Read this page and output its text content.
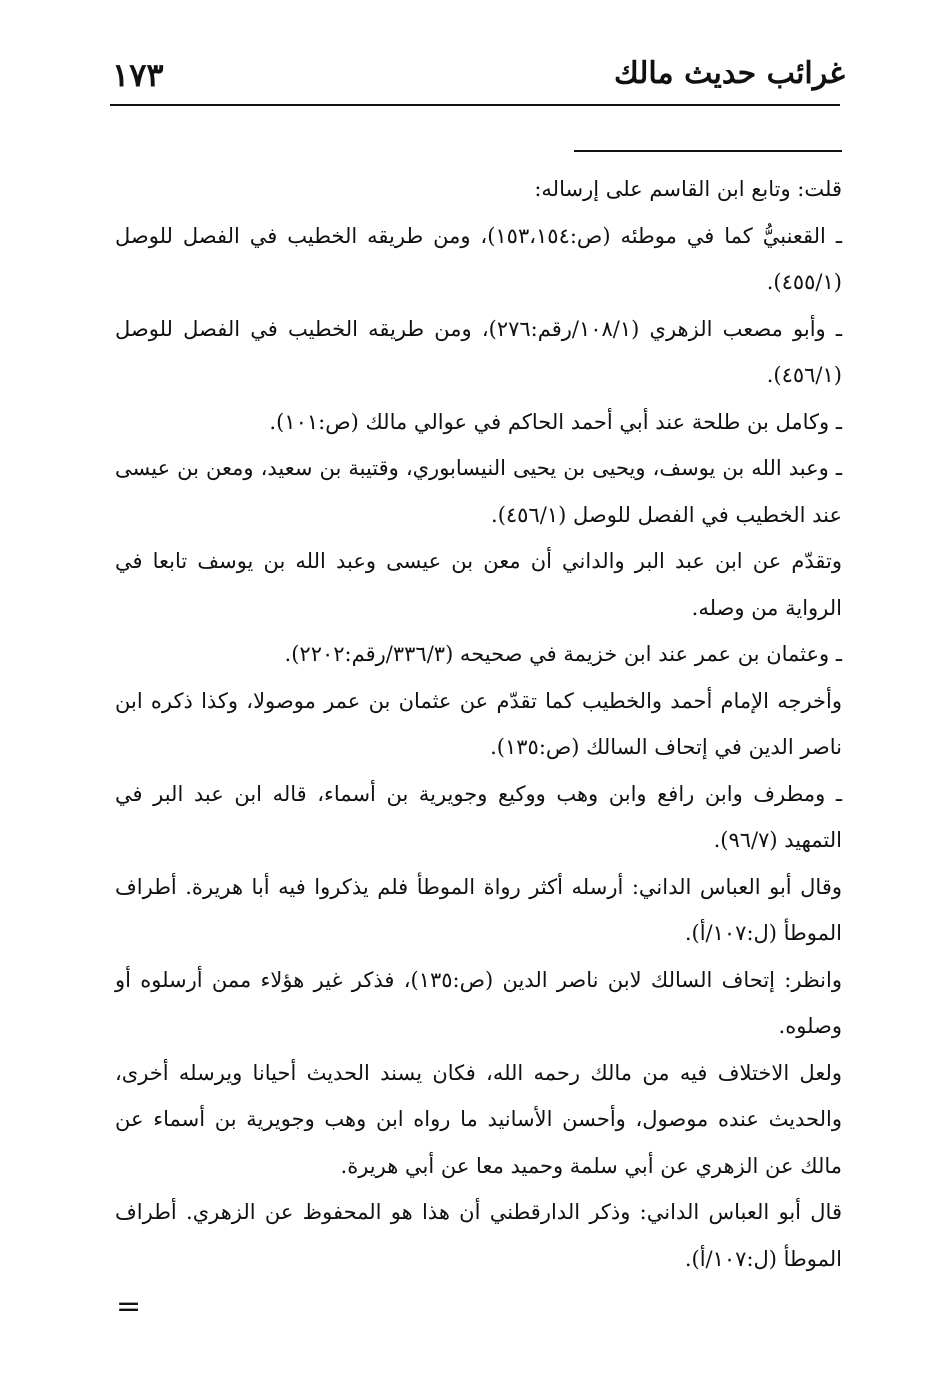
غرائب حديث مالك
١٧٣

قلت: وتابع ابن القاسم على إرساله:

ـ القعنبيُّ كما في موطئه (ص:١٥٣،١٥٤)، ومن طريقه الخطيب في الفصل للوصل (٤٥٥/١).

ـ وأبو مصعب الزهري (١٠٨/١/رقم:٢٧٦)، ومن طريقه الخطيب في الفصل للوصل (٤٥٦/١).

ـ وكامل بن طلحة عند أبي أحمد الحاكم في عوالي مالك (ص:١٠١).

ـ وعبد الله بن يوسف، ويحيى بن يحيى النيسابوري، وقتيبة بن سعيد، ومعن بن عيسى عند الخطيب في الفصل للوصل (٤٥٦/١).

وتقدّم عن ابن عبد البر والداني أن معن بن عيسى وعبد الله بن يوسف تابعا في الرواية من وصله.

ـ وعثمان بن عمر عند ابن خزيمة في صحيحه (٣٣٦/٣/رقم:٢٢٠٢).

وأخرجه الإمام أحمد والخطيب كما تقدّم عن عثمان بن عمر موصولا، وكذا ذكره ابن ناصر الدين في إتحاف السالك (ص:١٣٥).

ـ ومطرف وابن رافع وابن وهب ووكيع وجويرية بن أسماء، قاله ابن عبد البر في التمهيد (٩٦/٧).

وقال أبو العباس الداني: أرسله أكثر رواة الموطأ فلم يذكروا فيه أبا هريرة. أطراف الموطأ (ل:١٠٧/أ).

وانظر: إتحاف السالك لابن ناصر الدين (ص:١٣٥)، فذكر غير هؤلاء ممن أرسلوه أو وصلوه.

ولعل الاختلاف فيه من مالك رحمه الله، فكان يسند الحديث أحيانا ويرسله أخرى، والحديث عنده موصول، وأحسن الأسانيد ما رواه ابن وهب وجويرية بن أسماء عن مالك عن الزهري عن أبي سلمة وحميد معا عن أبي هريرة.

قال أبو العباس الداني: وذكر الدارقطني أن هذا هو المحفوظ عن الزهري. أطراف الموطأ (ل:١٠٧/أ).

=
